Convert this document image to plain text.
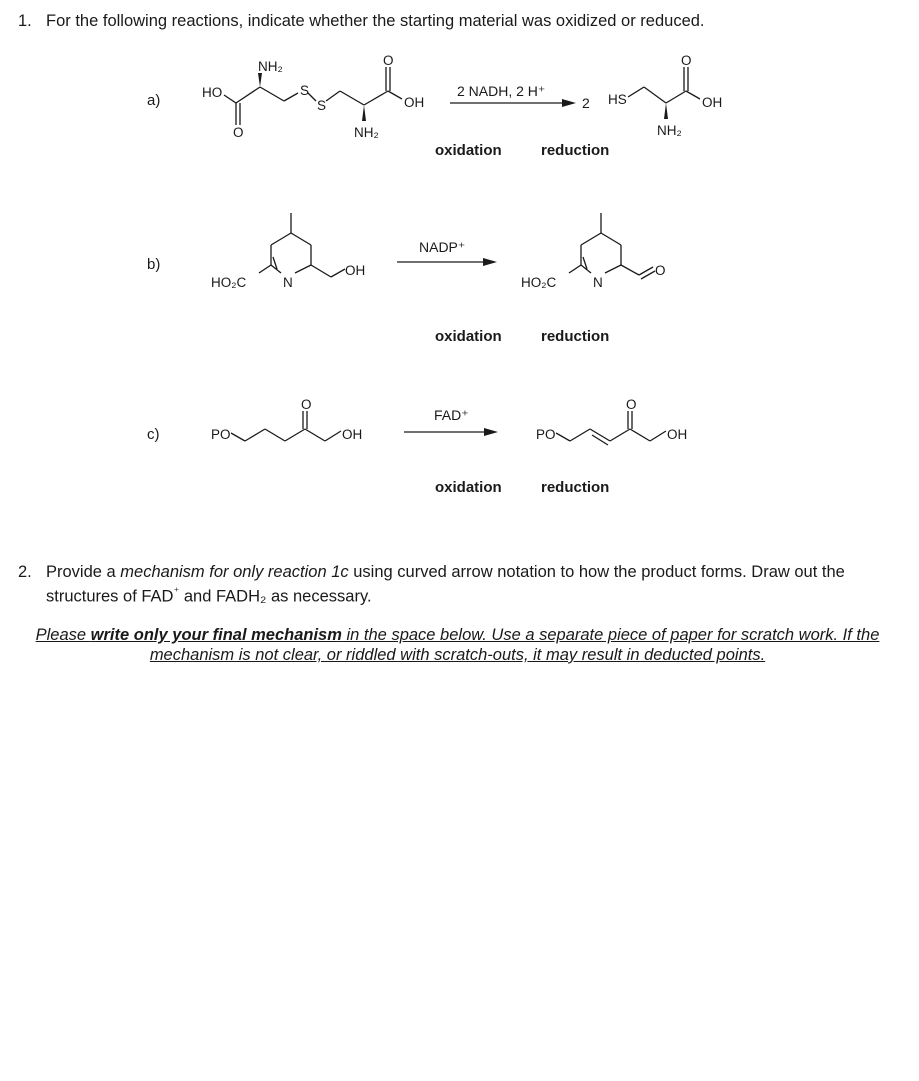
1. For the following reactions, indicate whether the starting material was oxidized or reduced.
a)	HO
NH₂
O
S
S
O
OH
NH₂
2 NADH, 2 H⁺
2 HS
O
OH
NH₂
oxidation	reduction
b)
HO₂C	N
OH
NADP⁺
HO₂C	N
O
oxidation	reduction
c)	PO
O
OH
FAD⁺
PO
O
OH
oxidation	reduction
2. Provide a mechanism for only reaction 1c using curved arrow notation to how the product forms. Draw out the structures of FAD⁺ and FADH₂ as necessary.
Please write only your final mechanism in the space below. Use a separate piece of paper for scratch work. If the mechanism is not clear, or riddled with scratch-outs, it may result in deducted points.
